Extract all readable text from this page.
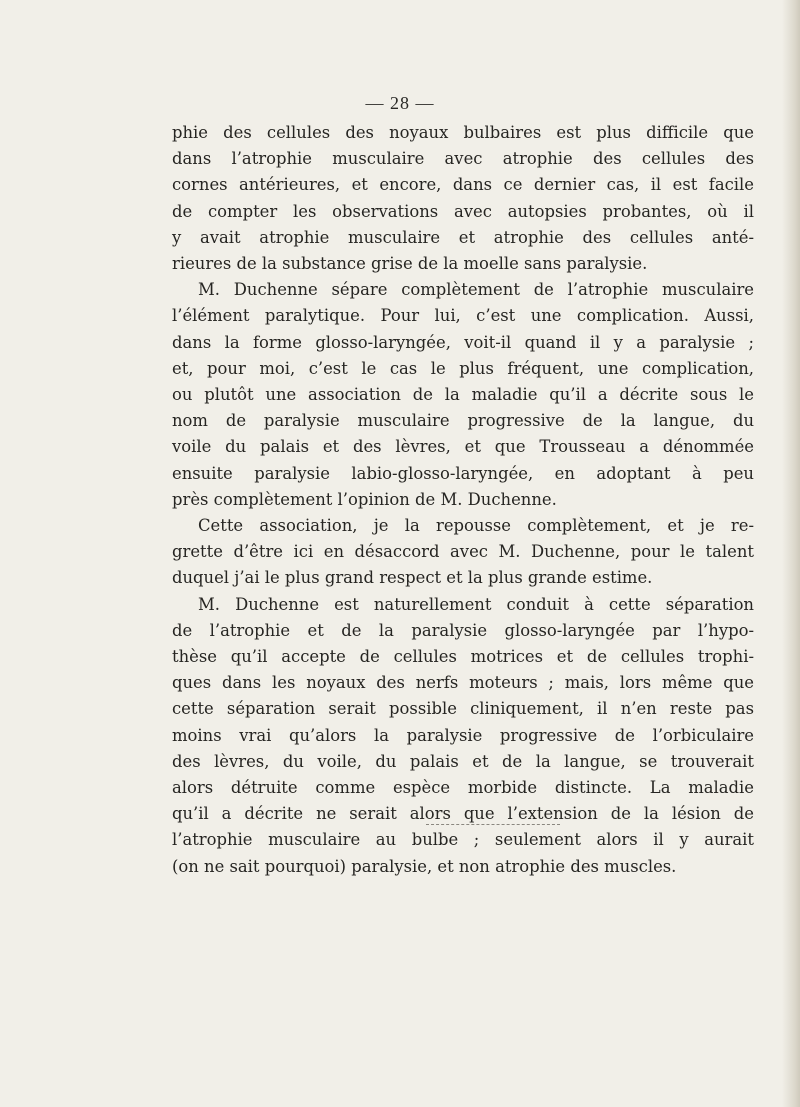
— 28 —
phie des cellules des noyaux bulbaires est plus difficile que
dans l’atrophie musculaire avec atrophie des cellules des
cornes antérieures, et encore, dans ce dernier cas, il est facile
de compter les observations avec autopsies probantes, où il
y avait atrophie musculaire et atrophie des cellules anté-
rieures de la substance grise de la moelle sans paralysie.
M. Duchenne sépare complètement de l’atrophie musculaire
l’élément paralytique. Pour lui, c’est une complication. Aussi,
dans la forme glosso-laryngée, voit-il quand il y a paralysie ;
et, pour moi, c’est le cas le plus fréquent, une complication,
ou plutôt une association de la maladie qu’il a décrite sous le
nom de paralysie musculaire progressive de la langue, du
voile du palais et des lèvres, et que Trousseau a dénommée
ensuite paralysie labio-glosso-laryngée, en adoptant à peu
près complètement l’opinion de M. Duchenne.
Cette association, je la repousse complètement, et je re-
grette d’être ici en désaccord avec M. Duchenne, pour le talent
duquel j’ai le plus grand respect et la plus grande estime.
M. Duchenne est naturellement conduit à cette séparation
de l’atrophie et de la paralysie glosso-laryngée par l’hypo-
thèse qu’il accepte de cellules motrices et de cellules trophi-
ques dans les noyaux des nerfs moteurs ; mais, lors même que
cette séparation serait possible cliniquement, il n’en reste pas
moins vrai qu’alors la paralysie progressive de l’orbiculaire
des lèvres, du voile, du palais et de la langue, se trouverait
alors détruite comme espèce morbide distincte. La maladie
qu’il a décrite ne serait alors que l’extension de la lésion de
l’atrophie musculaire au bulbe ; seulement alors il y aurait
(on ne sait pourquoi) paralysie, et non atrophie des muscles.
